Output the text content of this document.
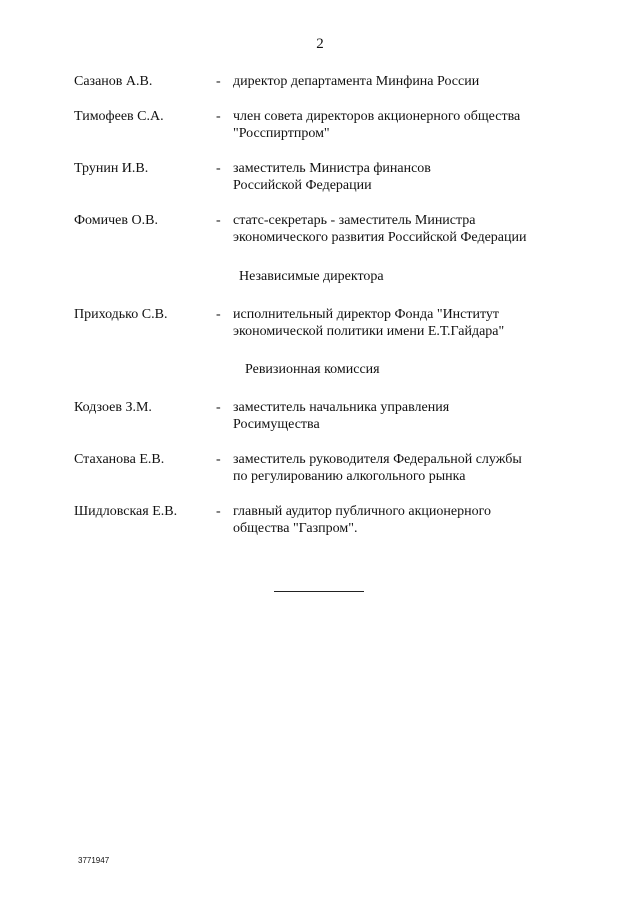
2
Сазанов А.В.	- директор департамента Минфина России
Тимофеев С.А.	- член совета директоров акционерного общества
"Росспиртпром"
Трунин И.В.	- заместитель Министра финансов
Российской Федерации
Фомичев О.В.	- статс-секретарь - заместитель Министра
экономического развития Российской Федерации
Независимые директора
Приходько С.В.	- исполнительный директор Фонда "Институт
экономической политики имени Е.Т.Гайдара"
Ревизионная комиссия
Кодзоев З.М.	- заместитель начальника управления
Росимущества
Стаханова Е.В.	- заместитель руководителя Федеральной службы
по регулированию алкогольного рынка
Шидловская Е.В.	- главный аудитор публичного акционерного
общества "Газпром".
3771947
